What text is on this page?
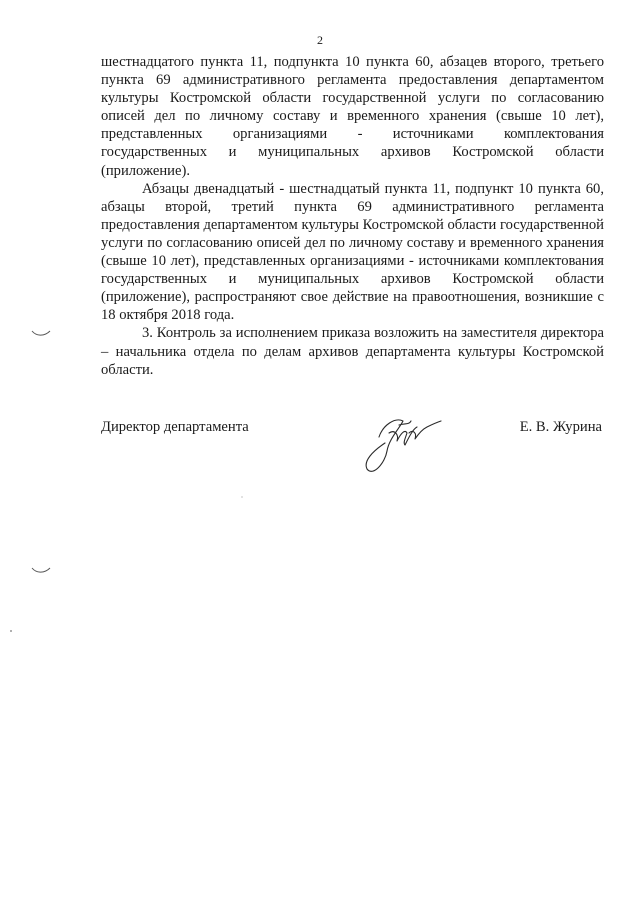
2

шестнадцатого пункта 11, подпункта 10 пункта 60, абзацев второго, третьего пункта 69 административного регламента предоставления департаментом культуры Костромской области государственной услуги по согласованию описей дел по личному составу и временного хранения (свыше 10 лет), представленных организациями - источниками комплектования государственных и муниципальных архивов Костромской области (приложение).

Абзацы двенадцатый - шестнадцатый пункта 11, подпункт 10 пункта 60, абзацы второй, третий пункта 69 административного регламента предоставления департаментом культуры Костромской области государственной услуги по согласованию описей дел по личному составу и временного хранения (свыше 10 лет), представленных организациями - источниками комплектования государственных и муниципальных архивов Костромской области (приложение), распространяют свое действие на правоотношения, возникшие с 18 октября 2018 года.

3. Контроль за исполнением приказа возложить на заместителя директора – начальника отдела по делам архивов департамента культуры Костромской области.

Директор департамента	Е. В. Журина
